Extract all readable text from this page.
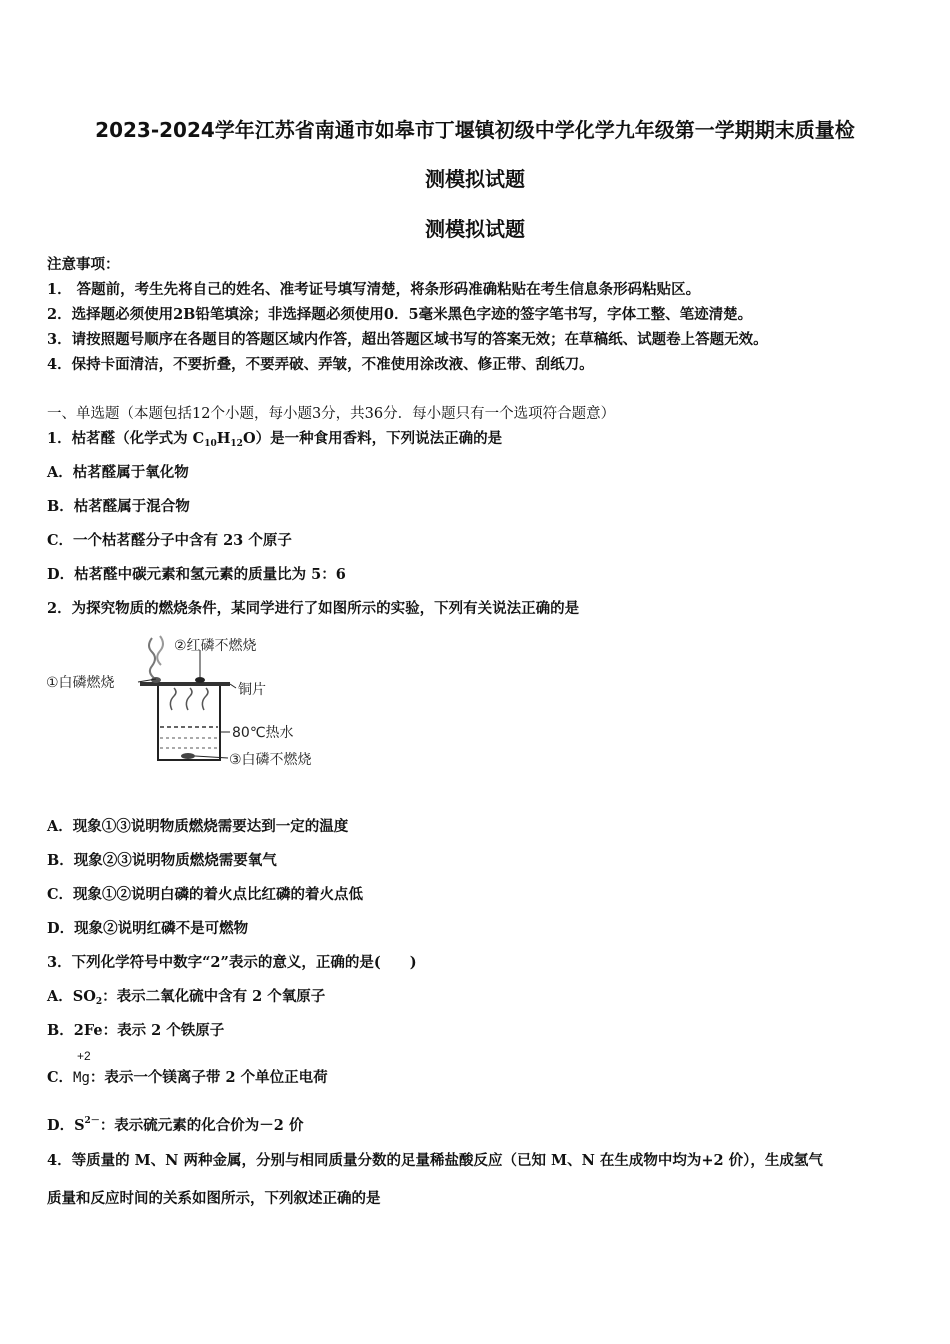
2023-2024学年江苏省南通市如皋市丁堰镇初级中学化学九年级第一学期期末质量检
测模拟试题
测模拟试题
注意事项：
1． 答题前，考生先将自己的姓名、准考证号填写清楚，将条形码准确粘贴在考生信息条形码粘贴区。
2．选择题必须使用2B铅笔填涂；非选择题必须使用0．5毫米黑色字迹的签字笔书写，字体工整、笔迹清楚。
3．请按照题号顺序在各题目的答题区域内作答，超出答题区域书写的答案无效；在草稿纸、试题卷上答题无效。
4．保持卡面清洁，不要折叠，不要弄破、弄皱，不准使用涂改液、修正带、刮纸刀。
一、单选题（本题包括12个小题，每小题3分，共36分．每小题只有一个选项符合题意）
1．枯茗醛（化学式为 $C_{10}H_{12}O$）是一种食用香料，下列说法正确的是
A．枯茗醛属于氧化物
B．枯茗醛属于混合物
C．一个枯茗醛分子中含有 23 个原子
D．枯茗醛中碳元素和氢元素的质量比为 5：6
2．为探究物质的燃烧条件，某同学进行了如图所示的实验，下列有关说法正确的是
①白磷燃烧
②红磷不燃烧
铜片
80℃热水
③白磷不燃烧
A．现象①③说明物质燃烧需要达到一定的温度
B．现象②③说明物质燃烧需要氧气
C．现象①②说明白磷的着火点比红磷的着火点低
D．现象②说明红磷不是可燃物
3．下列化学符号中数字“2”表示的意义，正确的是(　　)
A．$SO_2$：表示二氧化硫中含有 2 个氧原子
B．2Fe：表示 2 个铁原子
C．
+2
Mg：表示一个镁离子带 2 个单位正电荷
D．$S^{2-}$：表示硫元素的化合价为－2 价
4．等质量的 M、N 两种金属，分别与相同质量分数的足量稀盐酸反应（已知 M、N 在生成物中均为+2 价），生成氢气
质量和反应时间的关系如图所示，下列叙述正确的是
